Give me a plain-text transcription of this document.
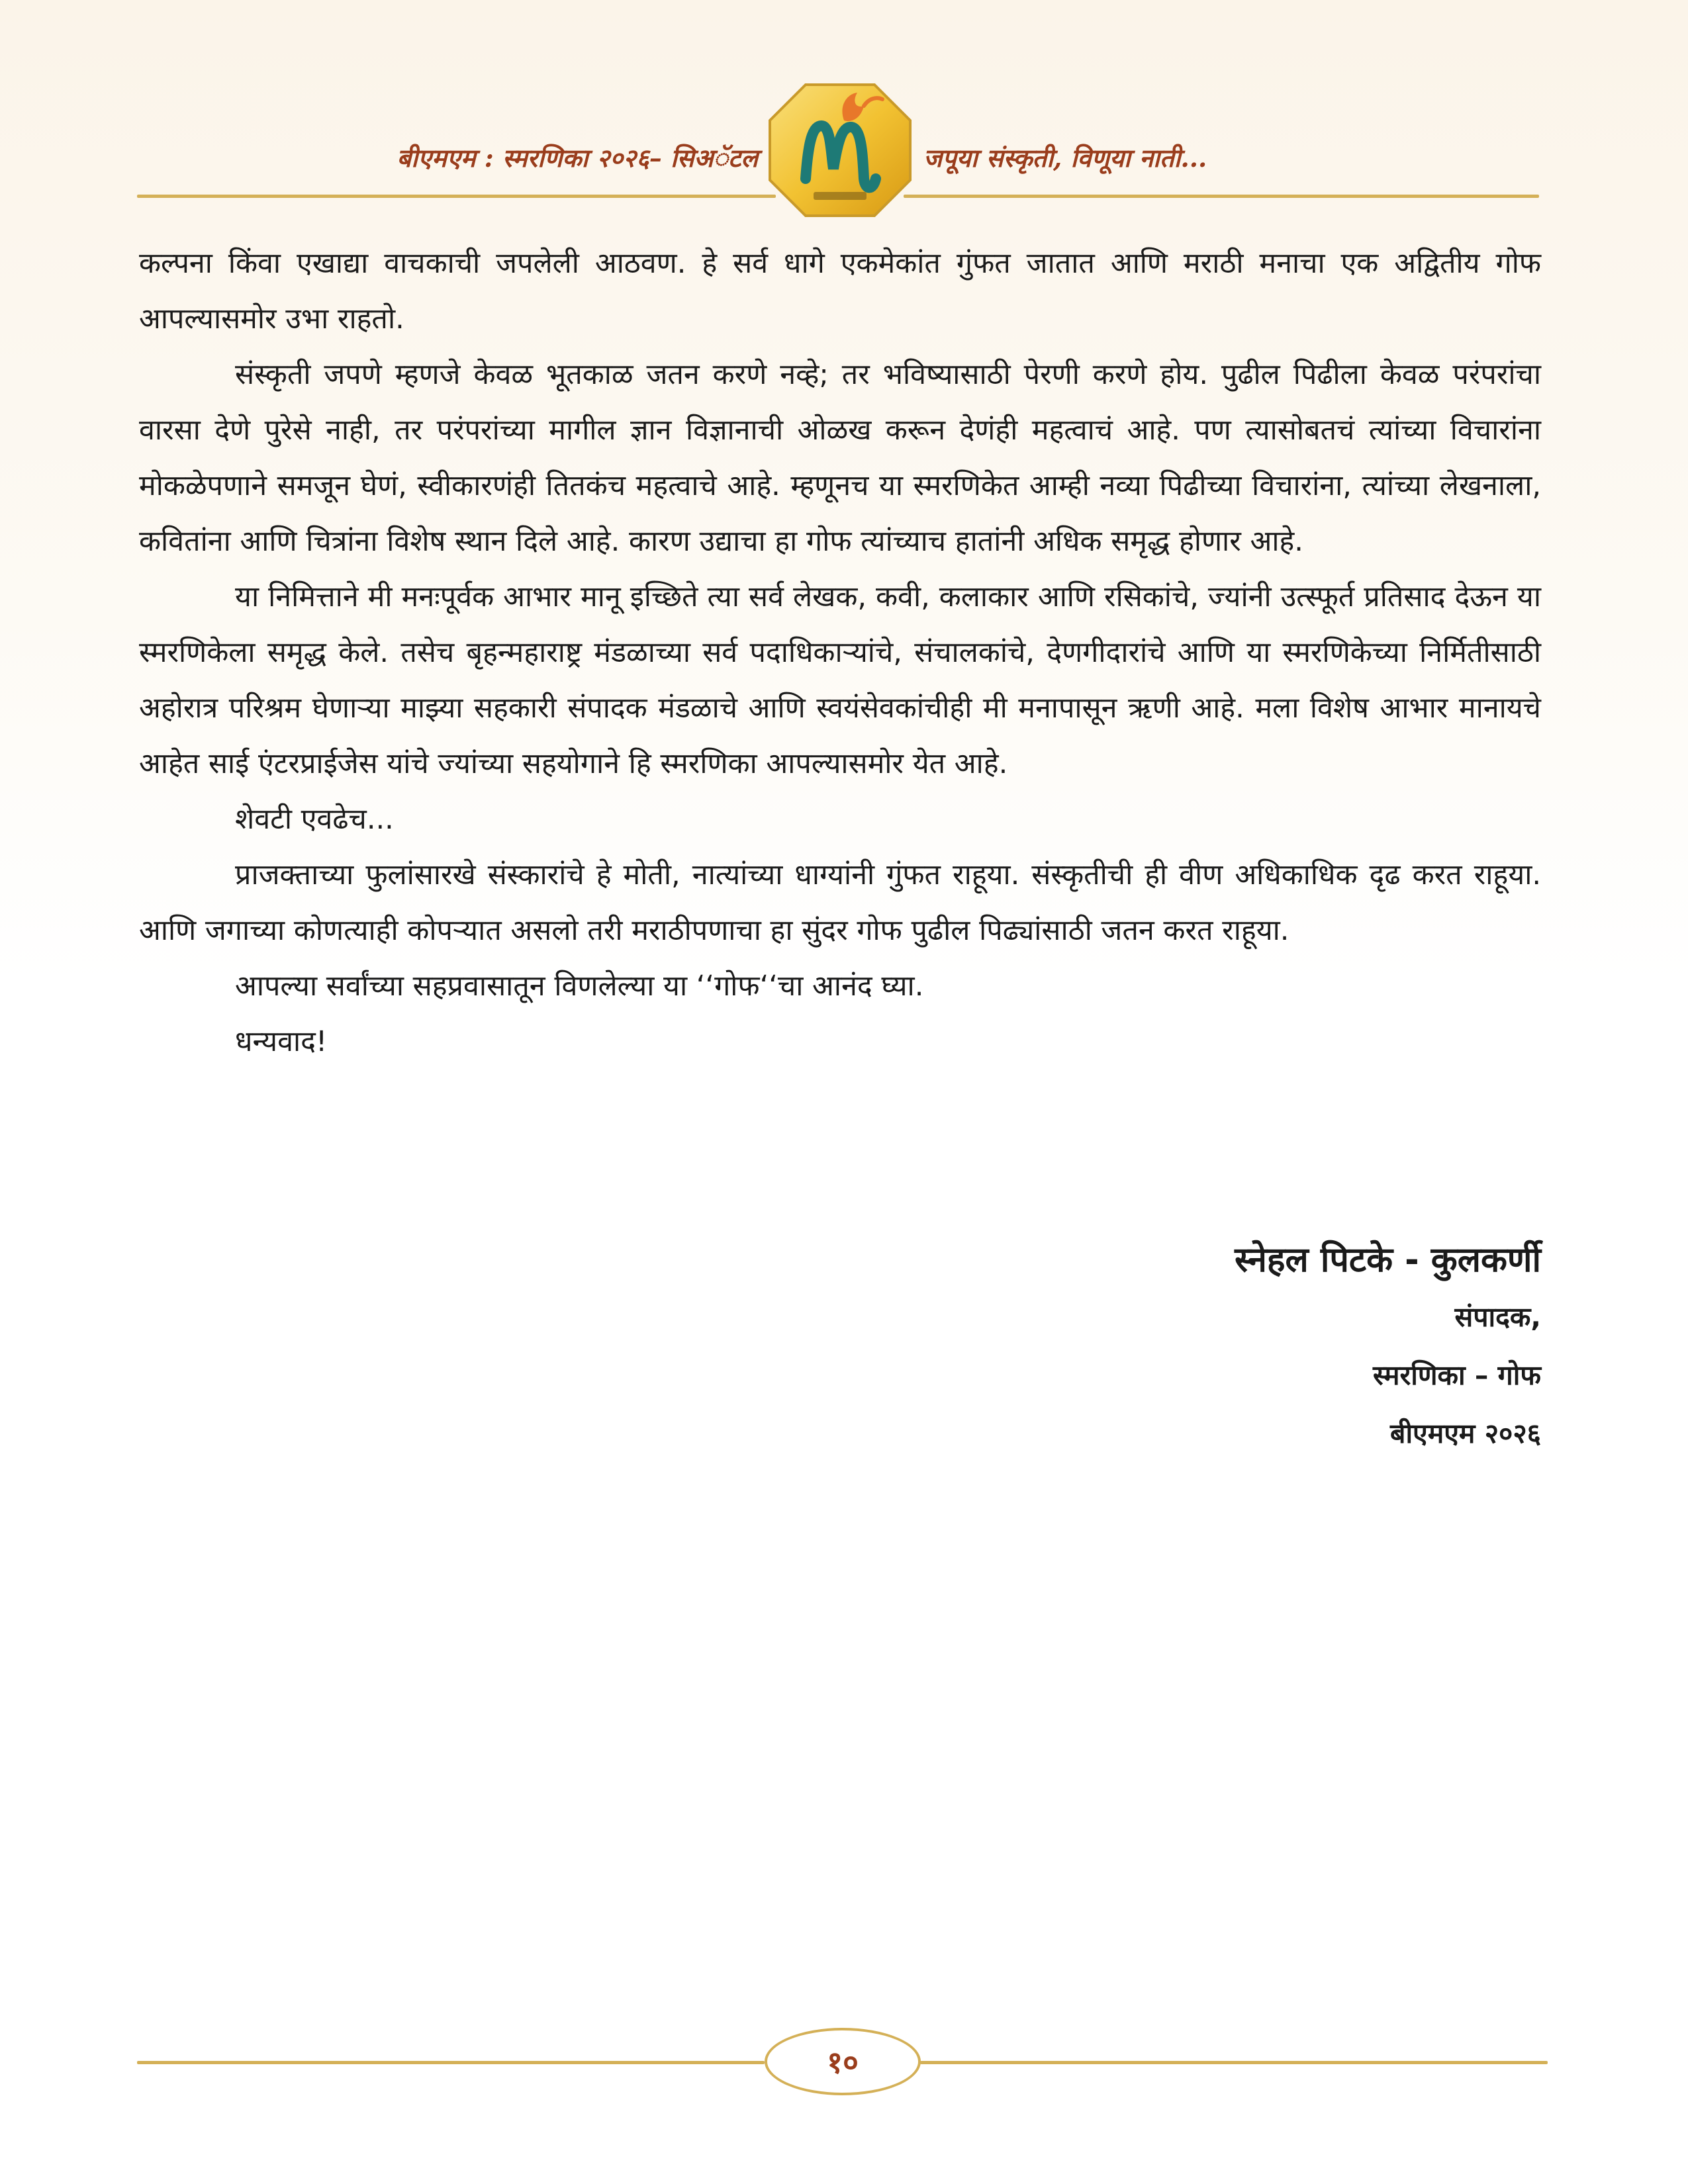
बीएमएम : स्मरणिका २०२६– सिअॅटल	जपूया संस्कृती, विणूया नाती...

कल्पना किंवा एखाद्या वाचकाची जपलेली आठवण. हे सर्व धागे एकमेकांत गुंफत जातात आणि मराठी मनाचा एक अद्वितीय गोफ आपल्यासमोर उभा राहतो.

संस्कृती जपणे म्हणजे केवळ भूतकाळ जतन करणे नव्हे; तर भविष्यासाठी पेरणी करणे होय. पुढील पिढीला केवळ परंपरांचा वारसा देणे पुरेसे नाही, तर परंपरांच्या मागील ज्ञान विज्ञानाची ओळख करून देणंही महत्वाचं आहे. पण त्यासोबतचं त्यांच्या विचारांना मोकळेपणाने समजून घेणं, स्वीकारणंही तितकंच महत्वाचे आहे. म्हणूनच या स्मरणिकेत आम्ही नव्या पिढीच्या विचारांना, त्यांच्या लेखनाला, कवितांना आणि चित्रांना विशेष स्थान दिले आहे. कारण उद्याचा हा गोफ त्यांच्याच हातांनी अधिक समृद्ध होणार आहे.

या निमित्ताने मी मनःपूर्वक आभार मानू इच्छिते त्या सर्व लेखक, कवी, कलाकार आणि रसिकांचे, ज्यांनी उत्स्फूर्त प्रतिसाद देऊन या स्मरणिकेला समृद्ध केले. तसेच बृहन्महाराष्ट्र मंडळाच्या सर्व पदाधिकाऱ्यांचे, संचालकांचे, देणगीदारांचे आणि या स्मरणिकेच्या निर्मितीसाठी अहोरात्र परिश्रम घेणाऱ्या माझ्या सहकारी संपादक मंडळाचे आणि स्वयंसेवकांचीही मी मनापासून ऋणी आहे. मला विशेष आभार मानायचे आहेत साई एंटरप्राईजेस यांचे ज्यांच्या सहयोगाने हि स्मरणिका आपल्यासमोर येत आहे.

शेवटी एवढेच...

प्राजक्ताच्या फुलांसारखे संस्कारांचे हे मोती, नात्यांच्या धाग्यांनी गुंफत राहूया. संस्कृतीची ही वीण अधिकाधिक दृढ करत राहूया. आणि जगाच्या कोणत्याही कोपऱ्यात असलो तरी मराठीपणाचा हा सुंदर गोफ पुढील पिढ्यांसाठी जतन करत राहूया.

आपल्या सर्वांच्या सहप्रवासातून विणलेल्या या ‘‘गोफ‘‘चा आनंद घ्या.

धन्यवाद!

स्नेहल पिटके - कुलकर्णी
संपादक,
स्मरणिका – गोफ
बीएमएम २०२६
१०
